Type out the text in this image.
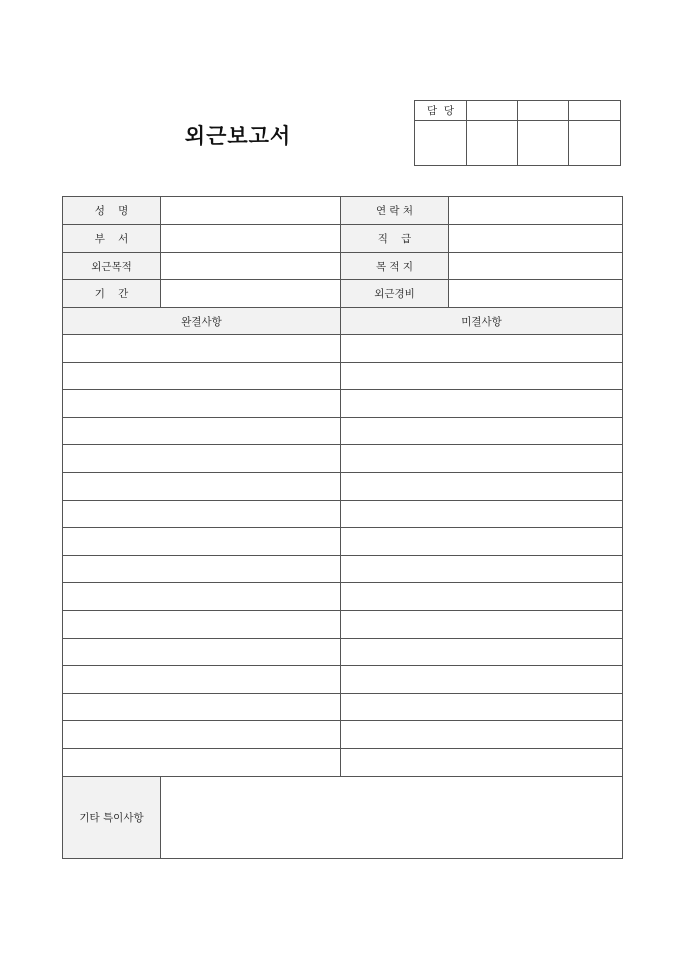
외근보고서
담  당			

성    명		연 락 처	
부    서		직    급	
외근목적		목 적 지	
기    간		외근경비	
완결사항		미결사항	

기타 특이사항			
